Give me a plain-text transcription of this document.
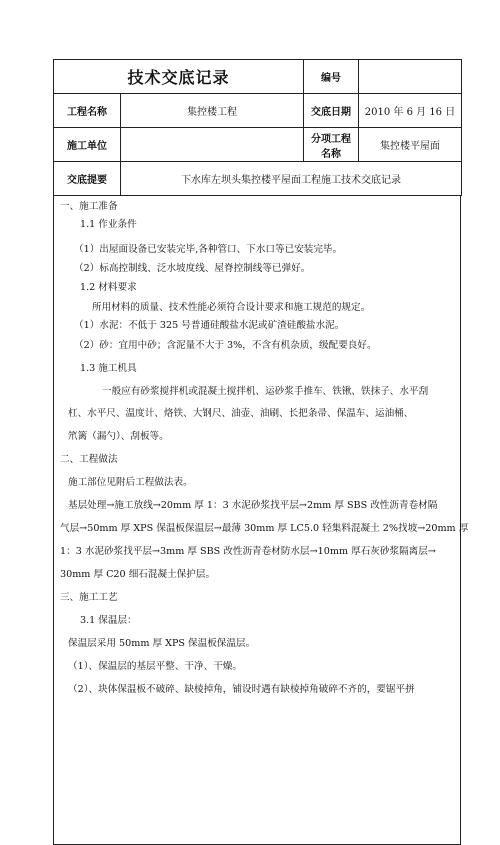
技术交底记录		编号	
工程名称	集控楼工程	交底日期	2010 年 6 月 16 日
施工单位		分项工程名称	集控楼平屋面
交底提要	下水库左坝头集控楼平屋面工程施工技术交底记录		
一、施工准备
1.1 作业条件
（1）出屋面设备已安装完毕,各种管口、下水口等已安装完毕。
（2）标高控制线、泛水坡度线、屋脊控制线等已弹好。
1.2 材料要求
所用材料的质量、技术性能必须符合设计要求和施工规范的规定。
（1）水泥：不低于 325 号普通硅酸盐水泥或矿渣硅酸盐水泥。
（2）砂：宜用中砂；含泥量不大于 3%，不含有机杂质，级配要良好。
1.3 施工机具
一般应有砂浆搅拌机或混凝土搅拌机、运砂浆手推车、铁锹、铁抹子、水平刮
杠、水平尺、温度计、烙铁、大钢尺、油壶、油刷、长把条帚、保温车、运油桶、
笊篱（漏勺）、刮板等。
二、工程做法
施工部位见附后工程做法表。
基层处理→施工放线→20mm 厚 1：3 水泥砂浆找平层→2mm 厚 SBS 改性沥青卷材隔
气层→50mm 厚 XPS 保温板保温层→最薄 30mm 厚 LC5.0 轻集料混凝土 2%找坡→20mm 厚
1：3 水泥砂浆找平层→3mm 厚 SBS 改性沥青卷材防水层→10mm 厚石灰砂浆隔离层→
30mm 厚 C20 细石混凝土保护层。
三、施工工艺
3.1 保温层：
保温层采用 50mm 厚 XPS 保温板保温层。
（1）、保温层的基层平整、干净、干燥。
（2）、块体保温板不破碎、缺棱掉角，铺设时遇有缺棱掉角破碎不齐的，要锯平拼
